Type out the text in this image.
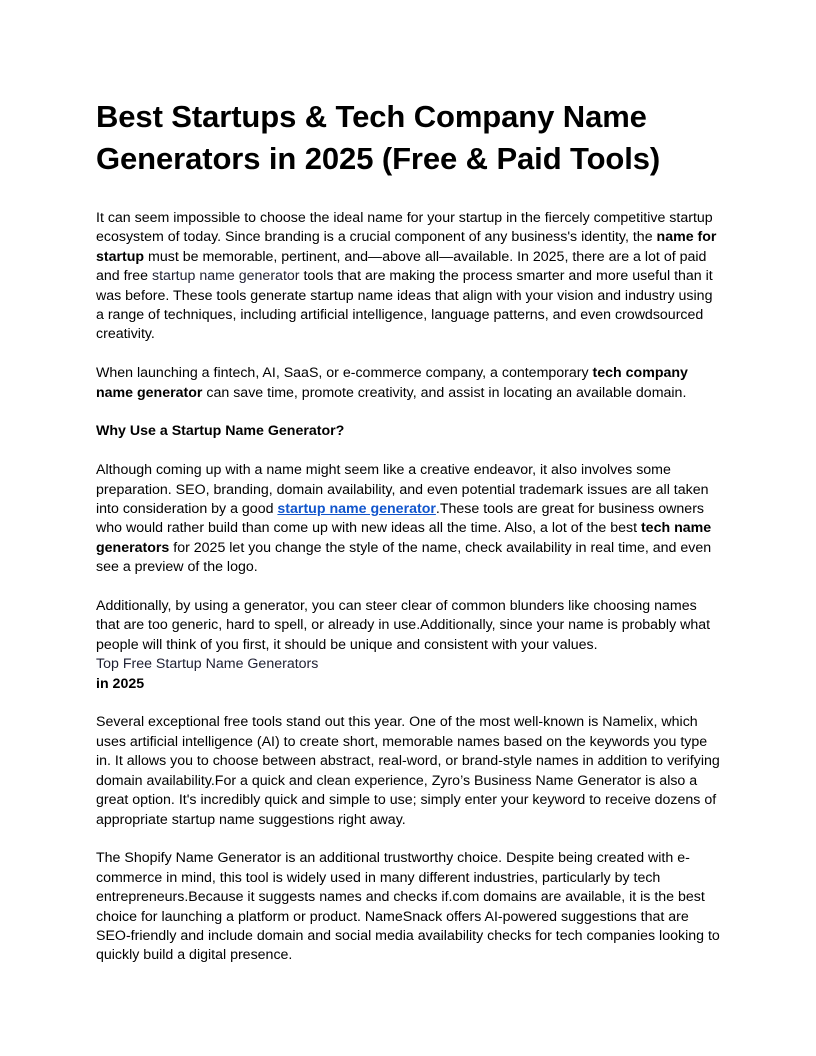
Best Startups & Tech Company Name Generators in 2025 (Free & Paid Tools)

It can seem impossible to choose the ideal name for your startup in the fiercely competitive startup ecosystem of today. Since branding is a crucial component of any business's identity, the name for startup must be memorable, pertinent, and—above all—available. In 2025, there are a lot of paid and free startup name generator tools that are making the process smarter and more useful than it was before. These tools generate startup name ideas that align with your vision and industry using a range of techniques, including artificial intelligence, language patterns, and even crowdsourced creativity.

When launching a fintech, AI, SaaS, or e-commerce company, a contemporary tech company name generator can save time, promote creativity, and assist in locating an available domain.

Why Use a Startup Name Generator?

Although coming up with a name might seem like a creative endeavor, it also involves some preparation. SEO, branding, domain availability, and even potential trademark issues are all taken into consideration by a good startup name generator.These tools are great for business owners who would rather build than come up with new ideas all the time. Also, a lot of the best tech name generators for 2025 let you change the style of the name, check availability in real time, and even see a preview of the logo.

Additionally, by using a generator, you can steer clear of common blunders like choosing names that are too generic, hard to spell, or already in use.Additionally, since your name is probably what people will think of you first, it should be unique and consistent with your values.

Top Free Startup Name Generators
in 2025

Several exceptional free tools stand out this year. One of the most well-known is Namelix, which uses artificial intelligence (AI) to create short, memorable names based on the keywords you type in. It allows you to choose between abstract, real-word, or brand-style names in addition to verifying domain availability.For a quick and clean experience, Zyro’s Business Name Generator is also a great option. It's incredibly quick and simple to use; simply enter your keyword to receive dozens of appropriate startup name suggestions right away.

The Shopify Name Generator is an additional trustworthy choice. Despite being created with e-commerce in mind, this tool is widely used in many different industries, particularly by tech entrepreneurs.Because it suggests names and checks if.com domains are available, it is the best choice for launching a platform or product. NameSnack offers AI-powered suggestions that are SEO-friendly and include domain and social media availability checks for tech companies looking to quickly build a digital presence.
